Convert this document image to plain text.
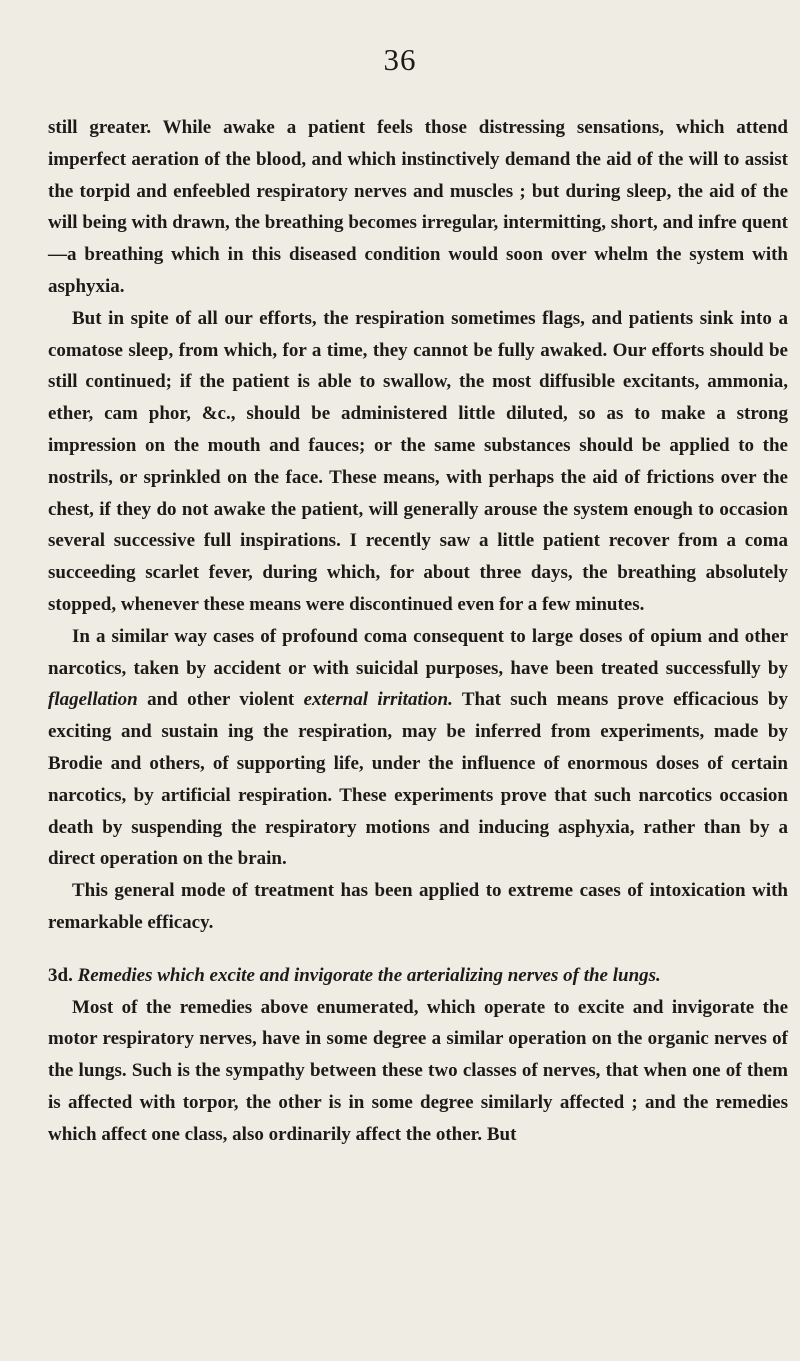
36

still greater. While awake a patient feels those distressing sensations, which attend imperfect aeration of the blood, and which instinctively demand the aid of the will to assist the torpid and enfeebled respiratory nerves and muscles ; but during sleep, the aid of the will being with drawn, the breathing becomes irregular, intermitting, short, and infre quent—a breathing which in this diseased condition would soon over whelm the system with asphyxia.

But in spite of all our efforts, the respiration sometimes flags, and patients sink into a comatose sleep, from which, for a time, they cannot be fully awaked. Our efforts should be still continued; if the patient is able to swallow, the most diffusible excitants, ammonia, ether, cam phor, &c., should be administered little diluted, so as to make a strong impression on the mouth and fauces; or the same substances should be applied to the nostrils, or sprinkled on the face. These means, with perhaps the aid of frictions over the chest, if they do not awake the patient, will generally arouse the system enough to occasion several successive full inspirations. I recently saw a little patient recover from a coma succeeding scarlet fever, during which, for about three days, the breathing absolutely stopped, whenever these means were discontinued even for a few minutes.

In a similar way cases of profound coma consequent to large doses of opium and other narcotics, taken by accident or with suicidal purposes, have been treated successfully by flagellation and other violent external irritation. That such means prove efficacious by exciting and sustain ing the respiration, may be inferred from experiments, made by Brodie and others, of supporting life, under the influence of enormous doses of certain narcotics, by artificial respiration. These experiments prove that such narcotics occasion death by suspending the respiratory motions and inducing asphyxia, rather than by a direct operation on the brain.

This general mode of treatment has been applied to extreme cases of intoxication with remarkable efficacy.

3d. Remedies which excite and invigorate the arterializing nerves of the lungs.

Most of the remedies above enumerated, which operate to excite and invigorate the motor respiratory nerves, have in some degree a similar operation on the organic nerves of the lungs. Such is the sympathy between these two classes of nerves, that when one of them is affected with torpor, the other is in some degree similarly affected ; and the remedies which affect one class, also ordinarily affect the other. But
